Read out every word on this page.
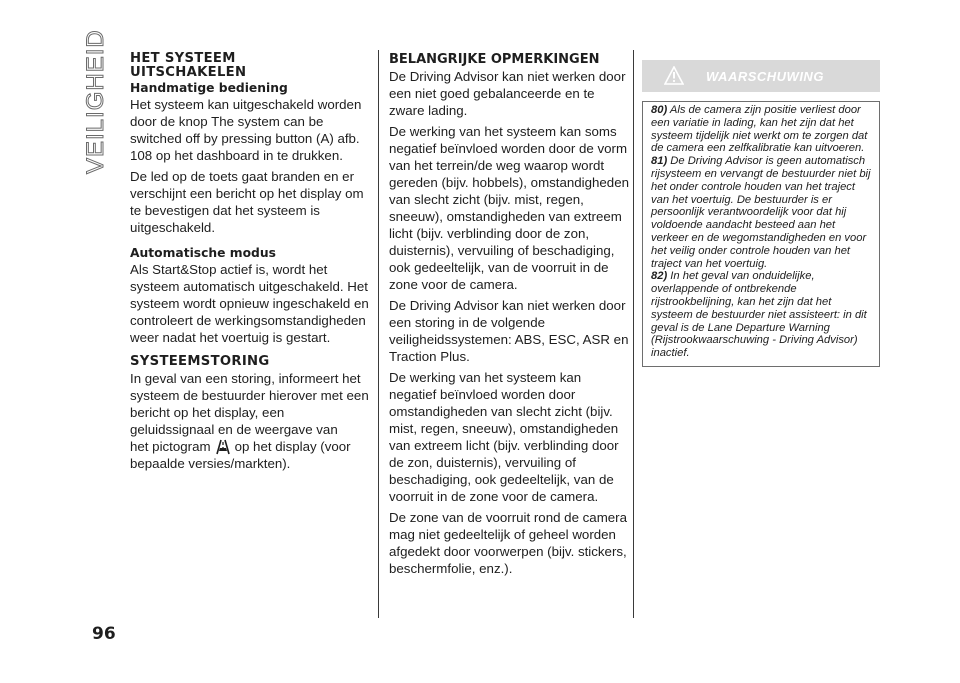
VEILIGHEID HET SYSTEEM
UITSCHAKELEN
Handmatige bediening

Het systeem kan uitgeschakeld worden door de knop The system can be switched off by pressing button (A) afb. 108 op het dashboard in te drukken.

De led op de toets gaat branden en er verschijnt een bericht op het display om te bevestigen dat het systeem is uitgeschakeld.

Automatische modus

Als Start&Stop actief is, wordt het systeem automatisch uitgeschakeld. Het systeem wordt opnieuw ingeschakeld en controleert de werkingsomstandigheden weer nadat het voertuig is gestart.

SYSTEEMSTORING

In geval van een storing, informeert het systeem de bestuurder hierover met een bericht op het display, een geluidssignaal en de weergave van
het pictogram op het display (voor
bepaalde versies/markten).

BELANGRIJKE OPMERKINGEN

De Driving Advisor kan niet werken door een niet goed gebalanceerde en te zware lading.

De werking van het systeem kan soms negatief beïnvloed worden door de vorm van het terrein/de weg waarop wordt gereden (bijv. hobbels), omstandigheden van slecht zicht (bijv. mist, regen, sneeuw), omstandigheden van extreem licht (bijv. verblinding door de zon, duisternis), vervuiling of beschadiging, ook gedeeltelijk, van de voorruit in de zone voor de camera.

De Driving Advisor kan niet werken door een storing in de volgende veiligheidssystemen: ABS, ESC, ASR en Traction Plus.

De werking van het systeem kan negatief beïnvloed worden door omstandigheden van slecht zicht (bijv. mist, regen, sneeuw), omstandigheden van extreem licht (bijv. verblinding door de zon, duisternis), vervuiling of beschadiging, ook gedeeltelijk, van de voorruit in de zone voor de camera.

De zone van de voorruit rond de camera mag niet gedeeltelijk of geheel worden afgedekt door voorwerpen (bijv. stickers, beschermfolie, enz.).

WAARSCHUWING

80) Als de camera zijn positie verliest door een variatie in lading, kan het zijn dat het systeem tijdelijk niet werkt om te zorgen dat de camera een zelfkalibratie kan uitvoeren.

81) De Driving Advisor is geen automatisch rijsysteem en vervangt de bestuurder niet bij het onder controle houden van het traject van het voertuig. De bestuurder is er persoonlijk verantwoordelijk voor dat hij voldoende aandacht besteed aan het verkeer en de wegomstandigheden en voor het veilig onder controle houden van het traject van het voertuig.

82) In het geval van onduidelijke, overlappende of ontbrekende rijstrookbelijning, kan het zijn dat het systeem de bestuurder niet assisteert: in dit geval is de Lane Departure Warning (Rijstrookwaarschuwing - Driving Advisor) inactief.

96
